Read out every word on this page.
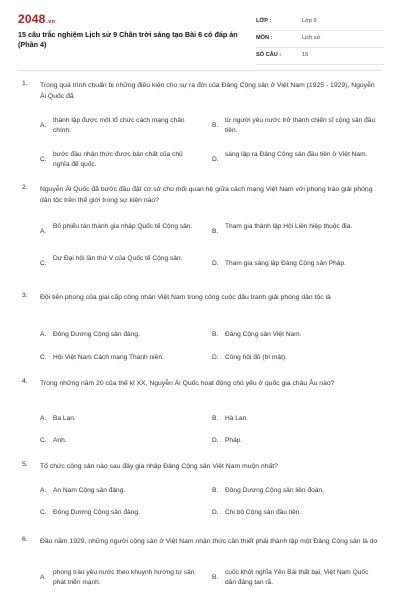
2048.vn
15 câu trắc nghiệm Lịch sử 9 Chân trời sáng tạo Bài 6 có đáp án (Phần 4)
LỚP :	Lớp 9
MÔN :	Lịch sử
SỐ CÂU :	15
1. Trong quá trình chuẩn bị những điều kiện cho sự ra đời của Đảng Cộng sản ở Việt Nam (1925 - 1929), Nguyễn Ái Quốc đã
A.
thành lập được một tổ chức cách mạng chân chính.
B.
từ người yêu nước trở thành chiến sĩ cộng sản đầu tiên.
C.
bước đầu nhận thức được bản chất của chủ nghĩa đế quốc.
D.
sáng lập ra Đảng Cộng sản đầu tiên ở Việt Nam.
2. Nguyễn Ái Quốc đã bước đầu đặt cơ sở cho mối quan hệ giữa cách mạng Việt Nam với phong trào giải phóng dân tộc trên thế giới trong sự kiện nào?
A.
Bỏ phiếu tán thành gia nhập Quốc tế Cộng sản.
B.
Tham gia thành lập Hội Liên hiệp thuộc địa.
C.
Dự Đại hội lần thứ V của Quốc tế Cộng sản.
D. Tham gia sáng lập Đảng Cộng sản Pháp.
3. Đội tiên phong của giai cấp công nhân Việt Nam trong công cuộc đấu tranh giải phóng dân tộc là
A. Đông Dương Cộng sản đảng.	B. Đảng Cộng sản Việt Nam.
C. Hội Việt Nam Cách mạng Thanh niên.	D. Công hội đỏ (bí mật).
4. Trong những năm 20 của thế kỉ XX, Nguyễn Ái Quốc hoạt động chủ yếu ở quốc gia châu Âu nào?
A. Ba Lan.	B. Hà Lan.
C. Anh.	D. Pháp.
5. Tổ chức cộng sản nào sau đây gia nhập Đảng Cộng sản Việt Nam muộn nhất?
A. An Nam Cộng sản đảng.	B. Đông Dương Cộng sản liên đoàn.
C. Đông Dương Cộng sản đảng.	D. Chi bộ Cộng sản đầu tiên.
6. Đầu năm 1929, những người cộng sản ở Việt Nam nhận thức cần thiết phải thành lập một Đảng Cộng sản là do
A.
phong trào yêu nước theo khuynh hướng tư sản phát triển mạnh.
B.
cuộc khởi nghĩa Yên Bái thất bại, Việt Nam Quốc dân đảng tan rã.
